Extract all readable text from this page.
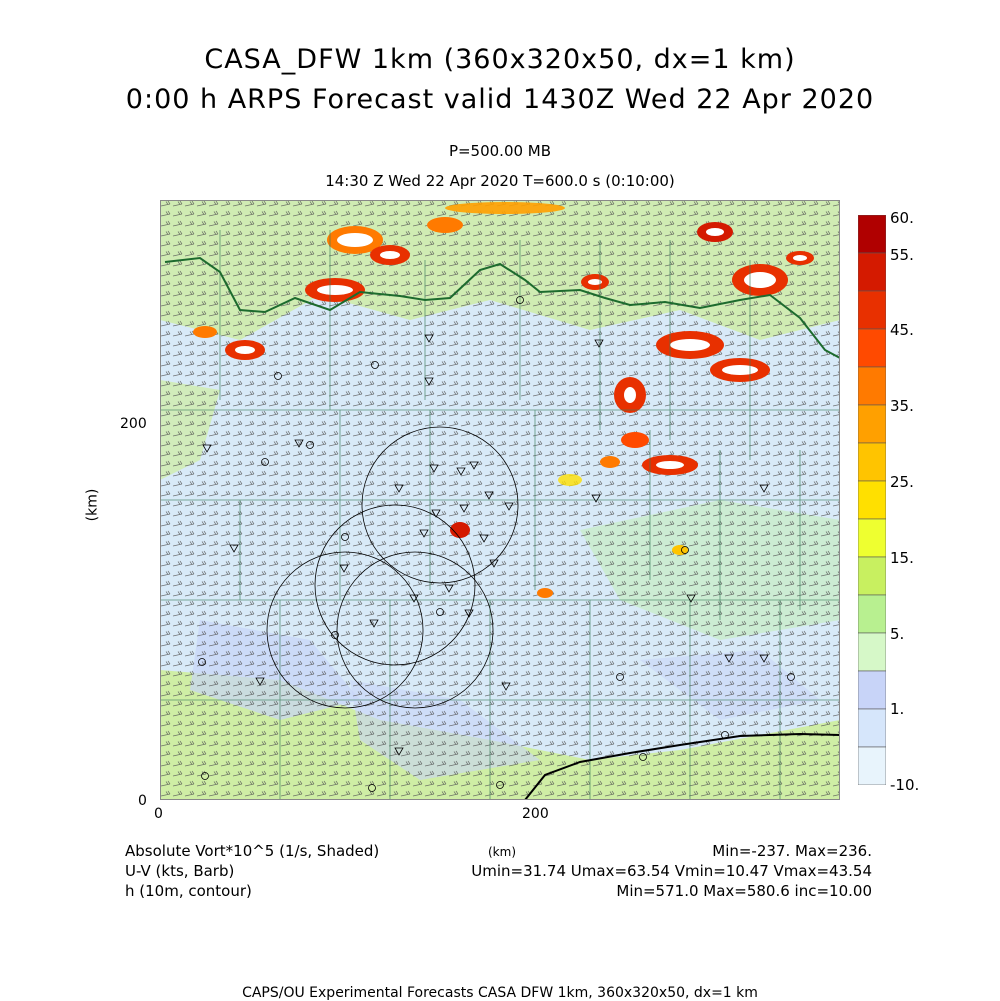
CASA_DFW 1km (360x320x50, dx=1 km)
0:00 h ARPS Forecast valid 1430Z Wed 22 Apr 2020
P=500.00 MB
14:30 Z Wed 22 Apr 2020 T=600.0 s (0:10:00)
0	200
0
200
(km)
60.
55.
45.
35.
25.
15.
5.
1.
-10.
Absolute Vort*10^5 (1/s, Shaded)
U-V (kts, Barb)
h (10m, contour)
(km)	Min=-237. Max=236.
Umin=31.74 Umax=63.54 Vmin=10.47 Vmax=43.54
Min=571.0 Max=580.6 inc=10.00
CAPS/OU Experimental Forecasts CASA DFW 1km, 360x320x50, dx=1 km
